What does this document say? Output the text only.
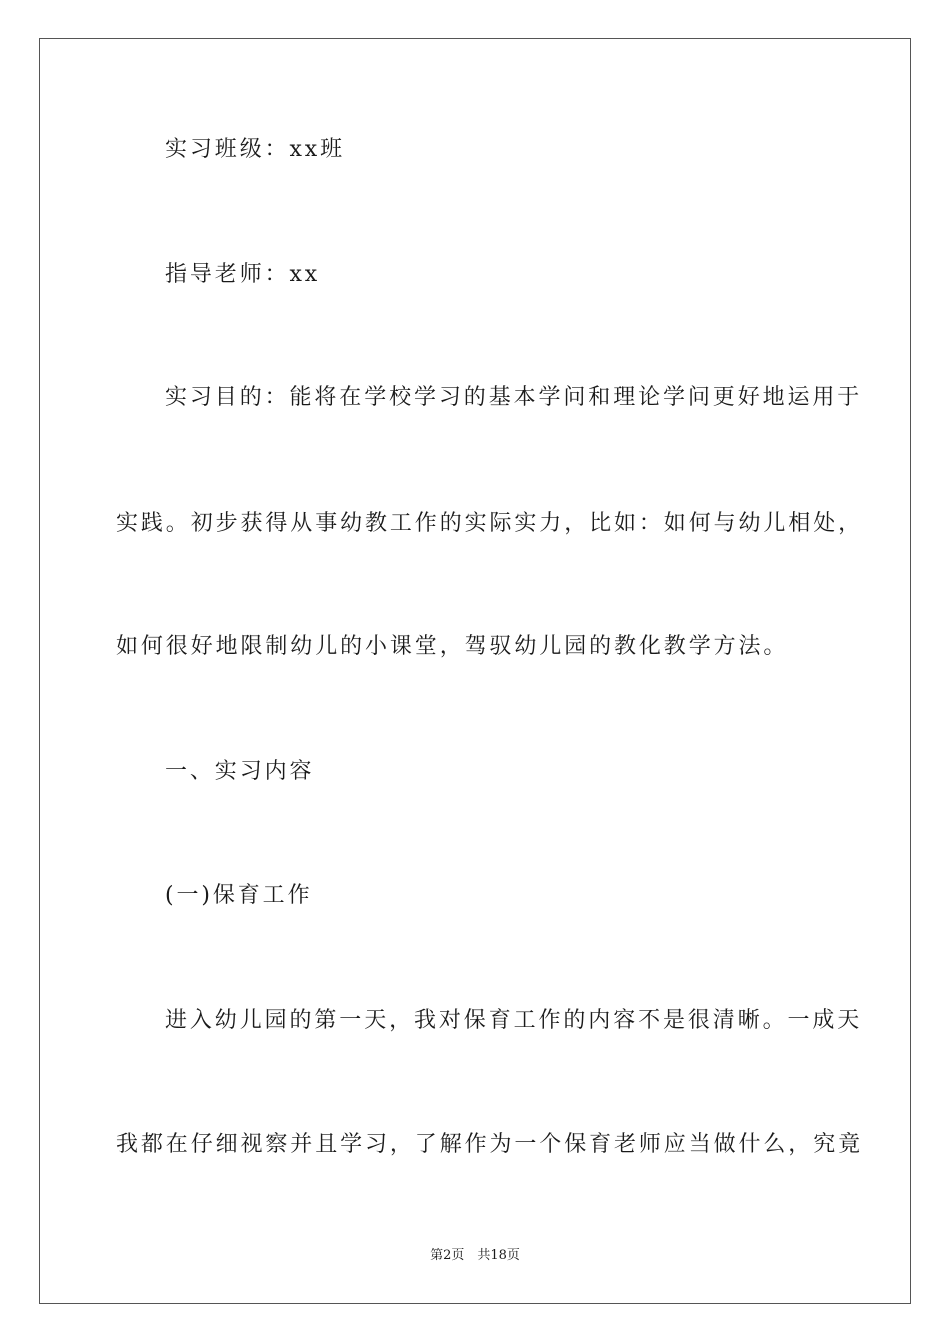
实习班级：xx班
指导老师：xx
实习目的：能将在学校学习的基本学问和理论学问更好地运用于
实践。初步获得从事幼教工作的实际实力，比如：如何与幼儿相处，
如何很好地限制幼儿的小课堂，驾驭幼儿园的教化教学方法。
一、实习内容
(一)保育工作
进入幼儿园的第一天，我对保育工作的内容不是很清晰。一成天
我都在仔细视察并且学习，了解作为一个保育老师应当做什么，究竟
第2页　共18页
